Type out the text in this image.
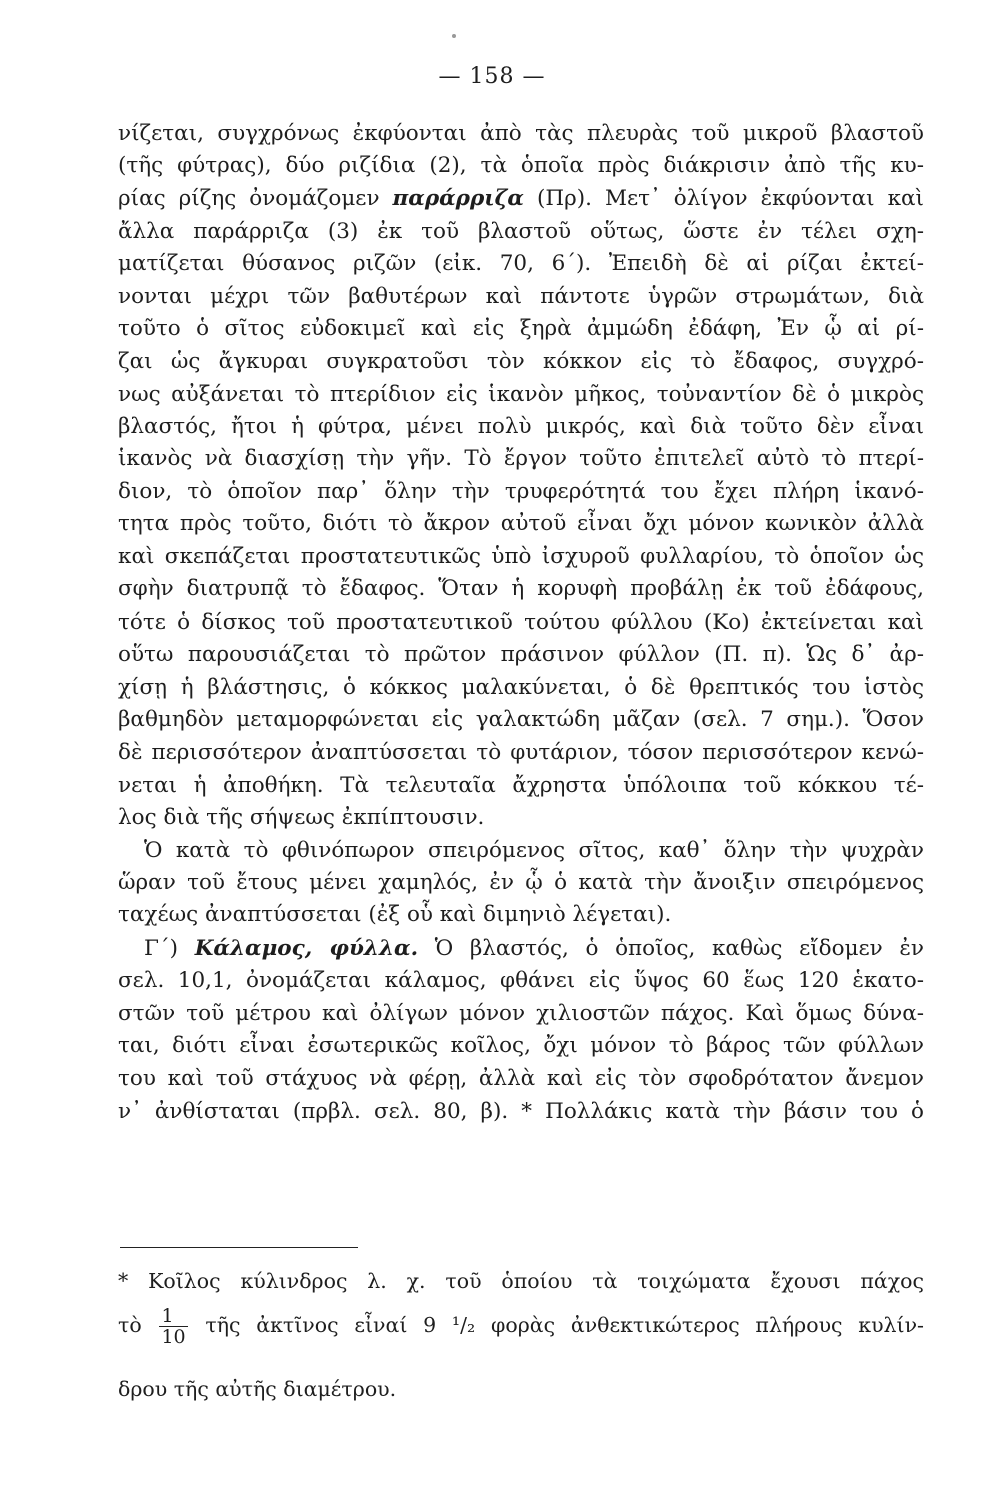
— 158 —
νίζεται, συγχρόνως ἐκφύονται ἀπὸ τὰς πλευρὰς τοῦ μικροῦ βλαστοῦ
(τῆς φύτρας), δύο ριζίδια (2), τὰ ὁποῖα πρὸς διάκρισιν ἀπὸ τῆς κυ-
ρίας ρίζης ὀνομάζομεν παράρριζα (Πρ). Μετ᾽ ὀλίγον ἐκφύονται καὶ
ἄλλα παράρριζα (3) ἐκ τοῦ βλαστοῦ οὕτως, ὥστε ἐν τέλει σχη-
ματίζεται θύσανος ριζῶν (εἰκ. 70, 6΄). Ἐπειδὴ δὲ αἱ ρίζαι ἐκτεί-
νονται μέχρι τῶν βαθυτέρων καὶ πάντοτε ὑγρῶν στρωμάτων, διὰ
τοῦτο ὁ σῖτος εὐδοκιμεῖ καὶ εἰς ξηρὰ ἀμμώδη ἐδάφη, Ἐν ᾧ αἱ ρί-
ζαι ὡς ἄγκυραι συγκρατοῦσι τὸν κόκκον εἰς τὸ ἔδαφος, συγχρό-
νως αὐξάνεται τὸ πτερίδιον εἰς ἱκανὸν μῆκος, τοὐναντίον δὲ ὁ μικρὸς
βλαστός, ἤτοι ἡ φύτρα, μένει πολὺ μικρός, καὶ διὰ τοῦτο δὲν εἶναι
ἱκανὸς νὰ διασχίσῃ τὴν γῆν. Τὸ ἔργον τοῦτο ἐπιτελεῖ αὐτὸ τὸ πτερί-
διον, τὸ ὁποῖον παρ᾽ ὅλην τὴν τρυφερότητά του ἔχει πλήρη ἱκανό-
τητα πρὸς τοῦτο, διότι τὸ ἄκρον αὐτοῦ εἶναι ὄχι μόνον κωνικὸν ἀλλὰ
καὶ σκεπάζεται προστατευτικῶς ὑπὸ ἰσχυροῦ φυλλαρίου, τὸ ὁποῖον ὡς
σφὴν διατρυπᾷ τὸ ἔδαφος. Ὅταν ἡ κορυφὴ προβάλῃ ἐκ τοῦ ἐδάφους,
τότε ὁ δίσκος τοῦ προστατευτικοῦ τούτου φύλλου (Κο) ἐκτείνεται καὶ
οὕτω παρουσιάζεται τὸ πρῶτον πράσινον φύλλον (Π. π). Ὡς δ᾽ ἀρ-
χίσῃ ἡ βλάστησις, ὁ κόκκος μαλακύνεται, ὁ δὲ θρεπτικός του ἱστὸς
βαθμηδὸν μεταμορφώνεται εἰς γαλακτώδη μᾶζαν (σελ. 7 σημ.). Ὅσον
δὲ περισσότερον ἀναπτύσσεται τὸ φυτάριον, τόσον περισσότερον κενώ-
νεται ἡ ἀποθήκη. Τὰ τελευταῖα ἄχρηστα ὑπόλοιπα τοῦ κόκκου τέ-
λος διὰ τῆς σήψεως ἐκπίπτουσιν.
Ὁ κατὰ τὸ φθινόπωρον σπειρόμενος σῖτος, καθ᾽ ὅλην τὴν ψυχρὰν
ὥραν τοῦ ἔτους μένει χαμηλός, ἐν ᾧ ὁ κατὰ τὴν ἄνοιξιν σπειρόμενος
ταχέως ἀναπτύσσεται (ἐξ οὗ καὶ διμηνιὸ λέγεται).
Γ΄) Κάλαμος, φύλλα. Ὁ βλαστός, ὁ ὁποῖος, καθὼς εἴδομεν ἐν
σελ. 10,1, ὀνομάζεται κάλαμος, φθάνει εἰς ὕψος 60 ἕως 120 ἑκατο-
στῶν τοῦ μέτρου καὶ ὀλίγων μόνον χιλιοστῶν πάχος. Καὶ ὅμως δύνα-
ται, διότι εἶναι ἐσωτερικῶς κοῖλος, ὄχι μόνον τὸ βάρος τῶν φύλλων
του καὶ τοῦ στάχυος νὰ φέρῃ, ἀλλὰ καὶ εἰς τὸν σφοδρότατον ἄνεμον
ν᾽ ἀνθίσταται (πρβλ. σελ. 80, β). * Πολλάκις κατὰ τὴν βάσιν του ὁ
* Κοῖλος κύλινδρος λ. χ. τοῦ ὁποίου τὰ τοιχώματα ἔχουσι πάχος
τὸ $\frac{1}{10}$ τῆς ἀκτῖνος εἶναί 9 ¹/₂ φορὰς ἀνθεκτικώτερος πλήρους κυλίν-
δρου τῆς αὐτῆς διαμέτρου.
